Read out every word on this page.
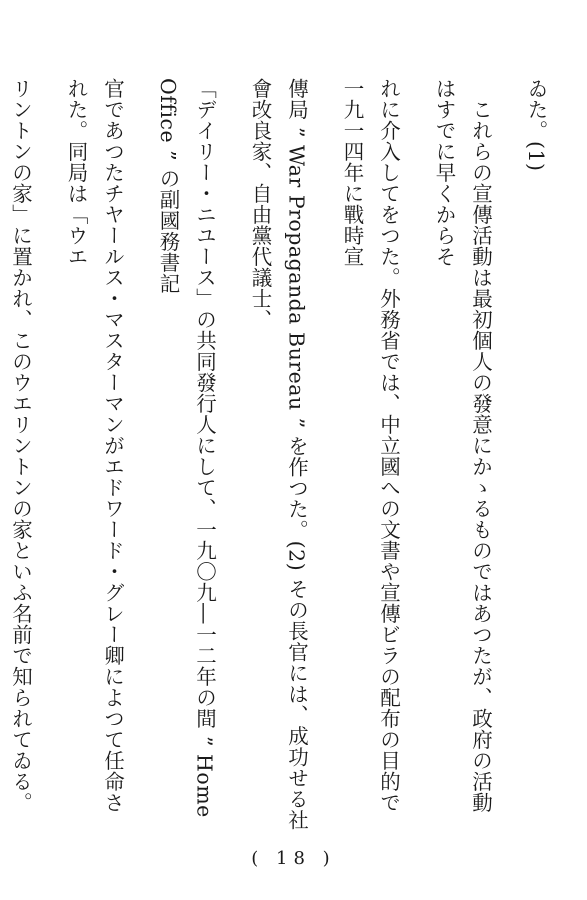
ゐた。(1)

　これらの宣傳活動は最初個人の發意にかゝるものではあつたが、政府の活動はすでに早くからそ

れに介入してをつた。外務省では、中立國への文書や宣傳ビラの配布の目的で一九一四年に戰時宣

傳局 ” War Propaganda Bureau ” を作つた。(2) その長官には、成功せる社會改良家、自由黨代議士、

「デイリー・ニユース」の共同發行人にして、一九〇九―一二年の間 ” Home Office ” の副國務書記

官であつたチヤールス・マスターマンがエドワード・グレー卿によつて任命された。同局は「ウエ

リントンの家」に置かれ、このウエリントンの家といふ名前で知られてゐる。

( 18 )
